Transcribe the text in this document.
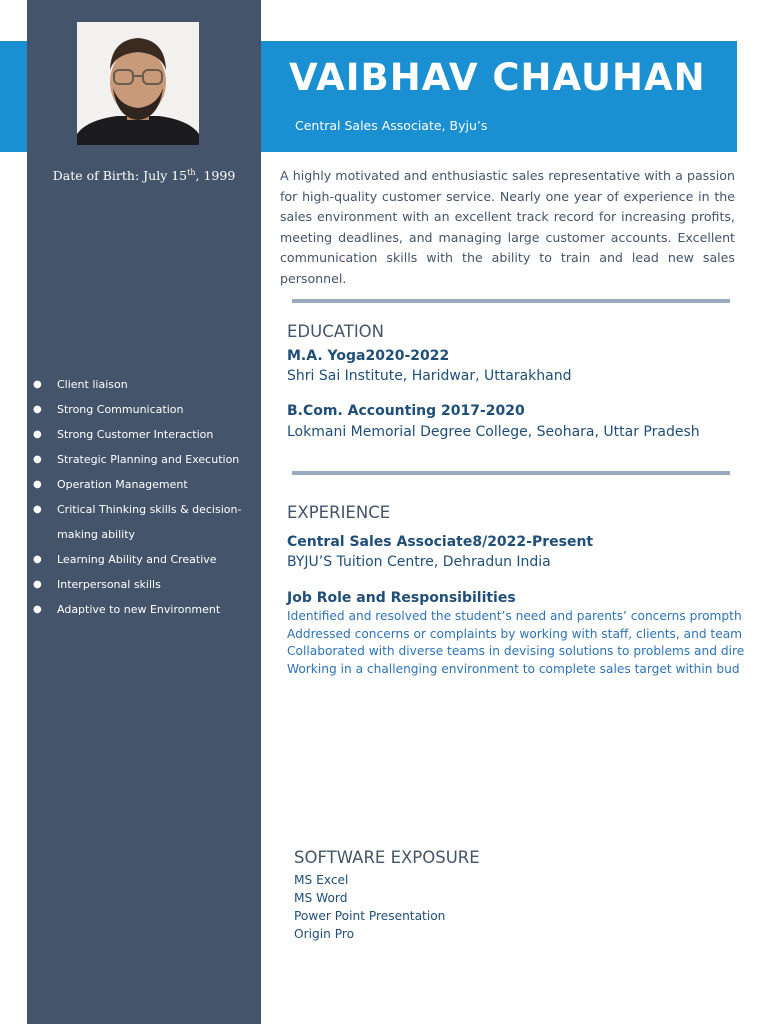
VAIBHAV CHAUHAN
Central Sales Associate, Byju’s
Date of Birth: July 15th, 1999
● Client liaison
● Strong Communication
● Strong Customer Interaction
● Strategic Planning and Execution
● Operation Management
● Critical Thinking skills & decision-making ability
● Learning Ability and Creative
● Interpersonal skills
● Adaptive to new Environment

A highly motivated and enthusiastic sales representative with a passion for high-quality customer service. Nearly one year of experience in the sales environment with an excellent track record for increasing profits, meeting deadlines, and managing large customer accounts. Excellent communication skills with the ability to train and lead new sales personnel.

EDUCATION
M.A. Yoga2020-2022
Shri Sai Institute, Haridwar, Uttarakhand
B.Com. Accounting 2017-2020
Lokmani Memorial Degree College, Seohara, Uttar Pradesh
EXPERIENCE
Central Sales Associate8/2022-Present
BYJU’S Tuition Centre, Dehradun India
Job Role and Responsibilities
Identified and resolved the student’s need and parents’ concerns prompth
Addressed concerns or complaints by working with staff, clients, and team
Collaborated with diverse teams in devising solutions to problems and dire
Working in a challenging environment to complete sales target within bud
SOFTWARE EXPOSURE
MS Excel
MS Word
Power Point Presentation
Origin Pro
